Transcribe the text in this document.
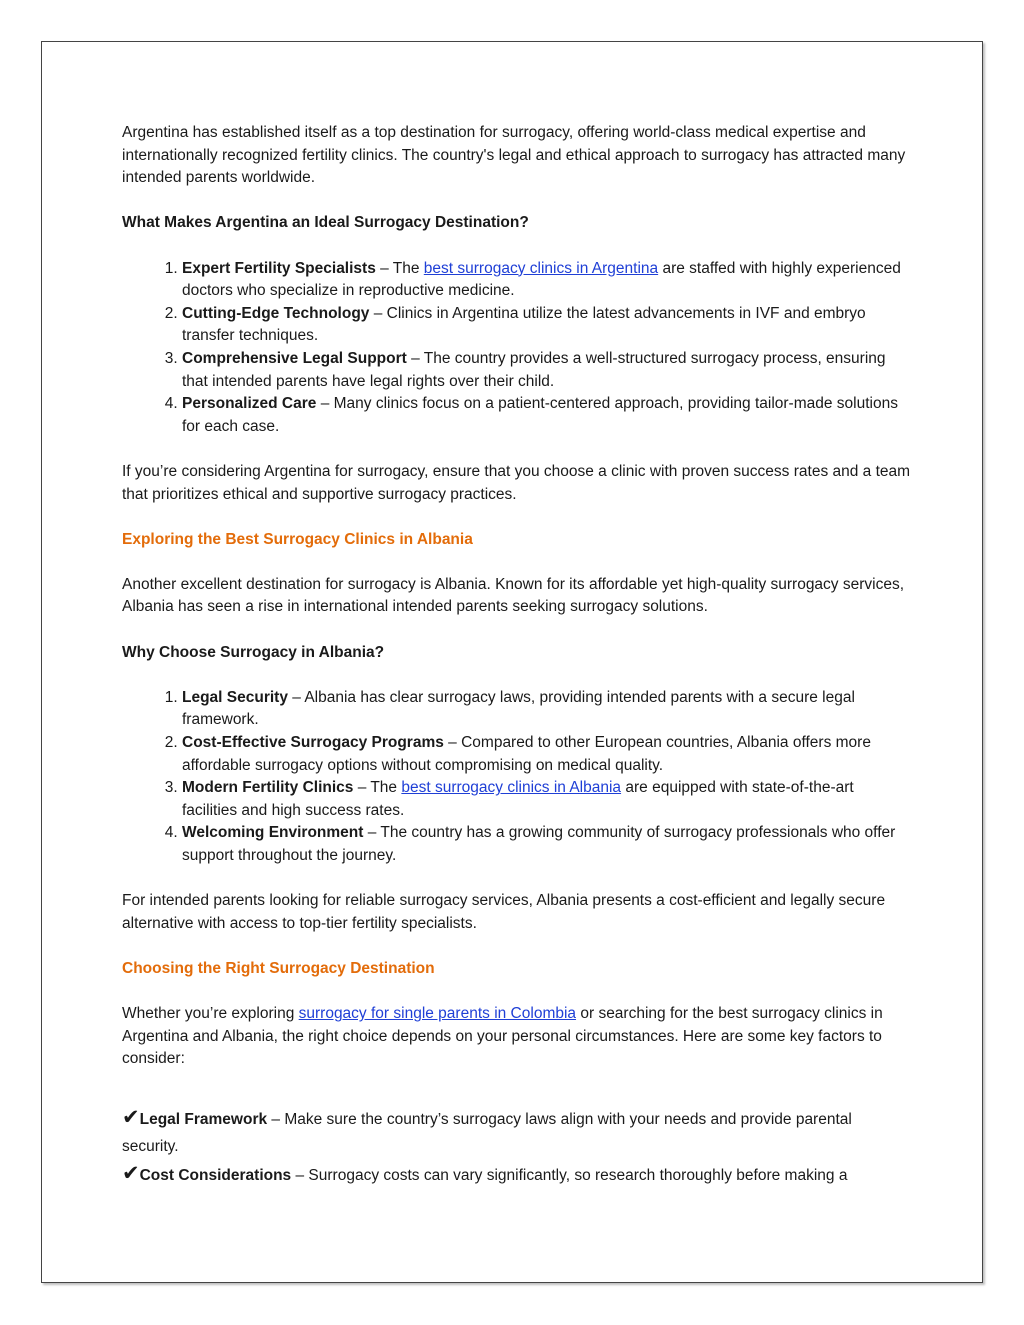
Argentina has established itself as a top destination for surrogacy, offering world-class medical expertise and internationally recognized fertility clinics. The country's legal and ethical approach to surrogacy has attracted many intended parents worldwide.

What Makes Argentina an Ideal Surrogacy Destination?
1. Expert Fertility Specialists – The best surrogacy clinics in Argentina are staffed with highly experienced doctors who specialize in reproductive medicine.
2. Cutting-Edge Technology – Clinics in Argentina utilize the latest advancements in IVF and embryo transfer techniques.
3. Comprehensive Legal Support – The country provides a well-structured surrogacy process, ensuring that intended parents have legal rights over their child.
4. Personalized Care – Many clinics focus on a patient-centered approach, providing tailor-made solutions for each case.

If you’re considering Argentina for surrogacy, ensure that you choose a clinic with proven success rates and a team that prioritizes ethical and supportive surrogacy practices.

Exploring the Best Surrogacy Clinics in Albania

Another excellent destination for surrogacy is Albania. Known for its affordable yet high-quality surrogacy services, Albania has seen a rise in international intended parents seeking surrogacy solutions.

Why Choose Surrogacy in Albania?
1. Legal Security – Albania has clear surrogacy laws, providing intended parents with a secure legal framework.
2. Cost-Effective Surrogacy Programs – Compared to other European countries, Albania offers more affordable surrogacy options without compromising on medical quality.
3. Modern Fertility Clinics – The best surrogacy clinics in Albania are equipped with state-of-the-art facilities and high success rates.
4. Welcoming Environment – The country has a growing community of surrogacy professionals who offer support throughout the journey.

For intended parents looking for reliable surrogacy services, Albania presents a cost-efficient and legally secure alternative with access to top-tier fertility specialists.

Choosing the Right Surrogacy Destination

Whether you’re exploring surrogacy for single parents in Colombia or searching for the best surrogacy clinics in Argentina and Albania, the right choice depends on your personal circumstances. Here are some key factors to consider:

✔Legal Framework – Make sure the country’s surrogacy laws align with your needs and provide parental security.
✔Cost Considerations – Surrogacy costs can vary significantly, so research thoroughly before making a
